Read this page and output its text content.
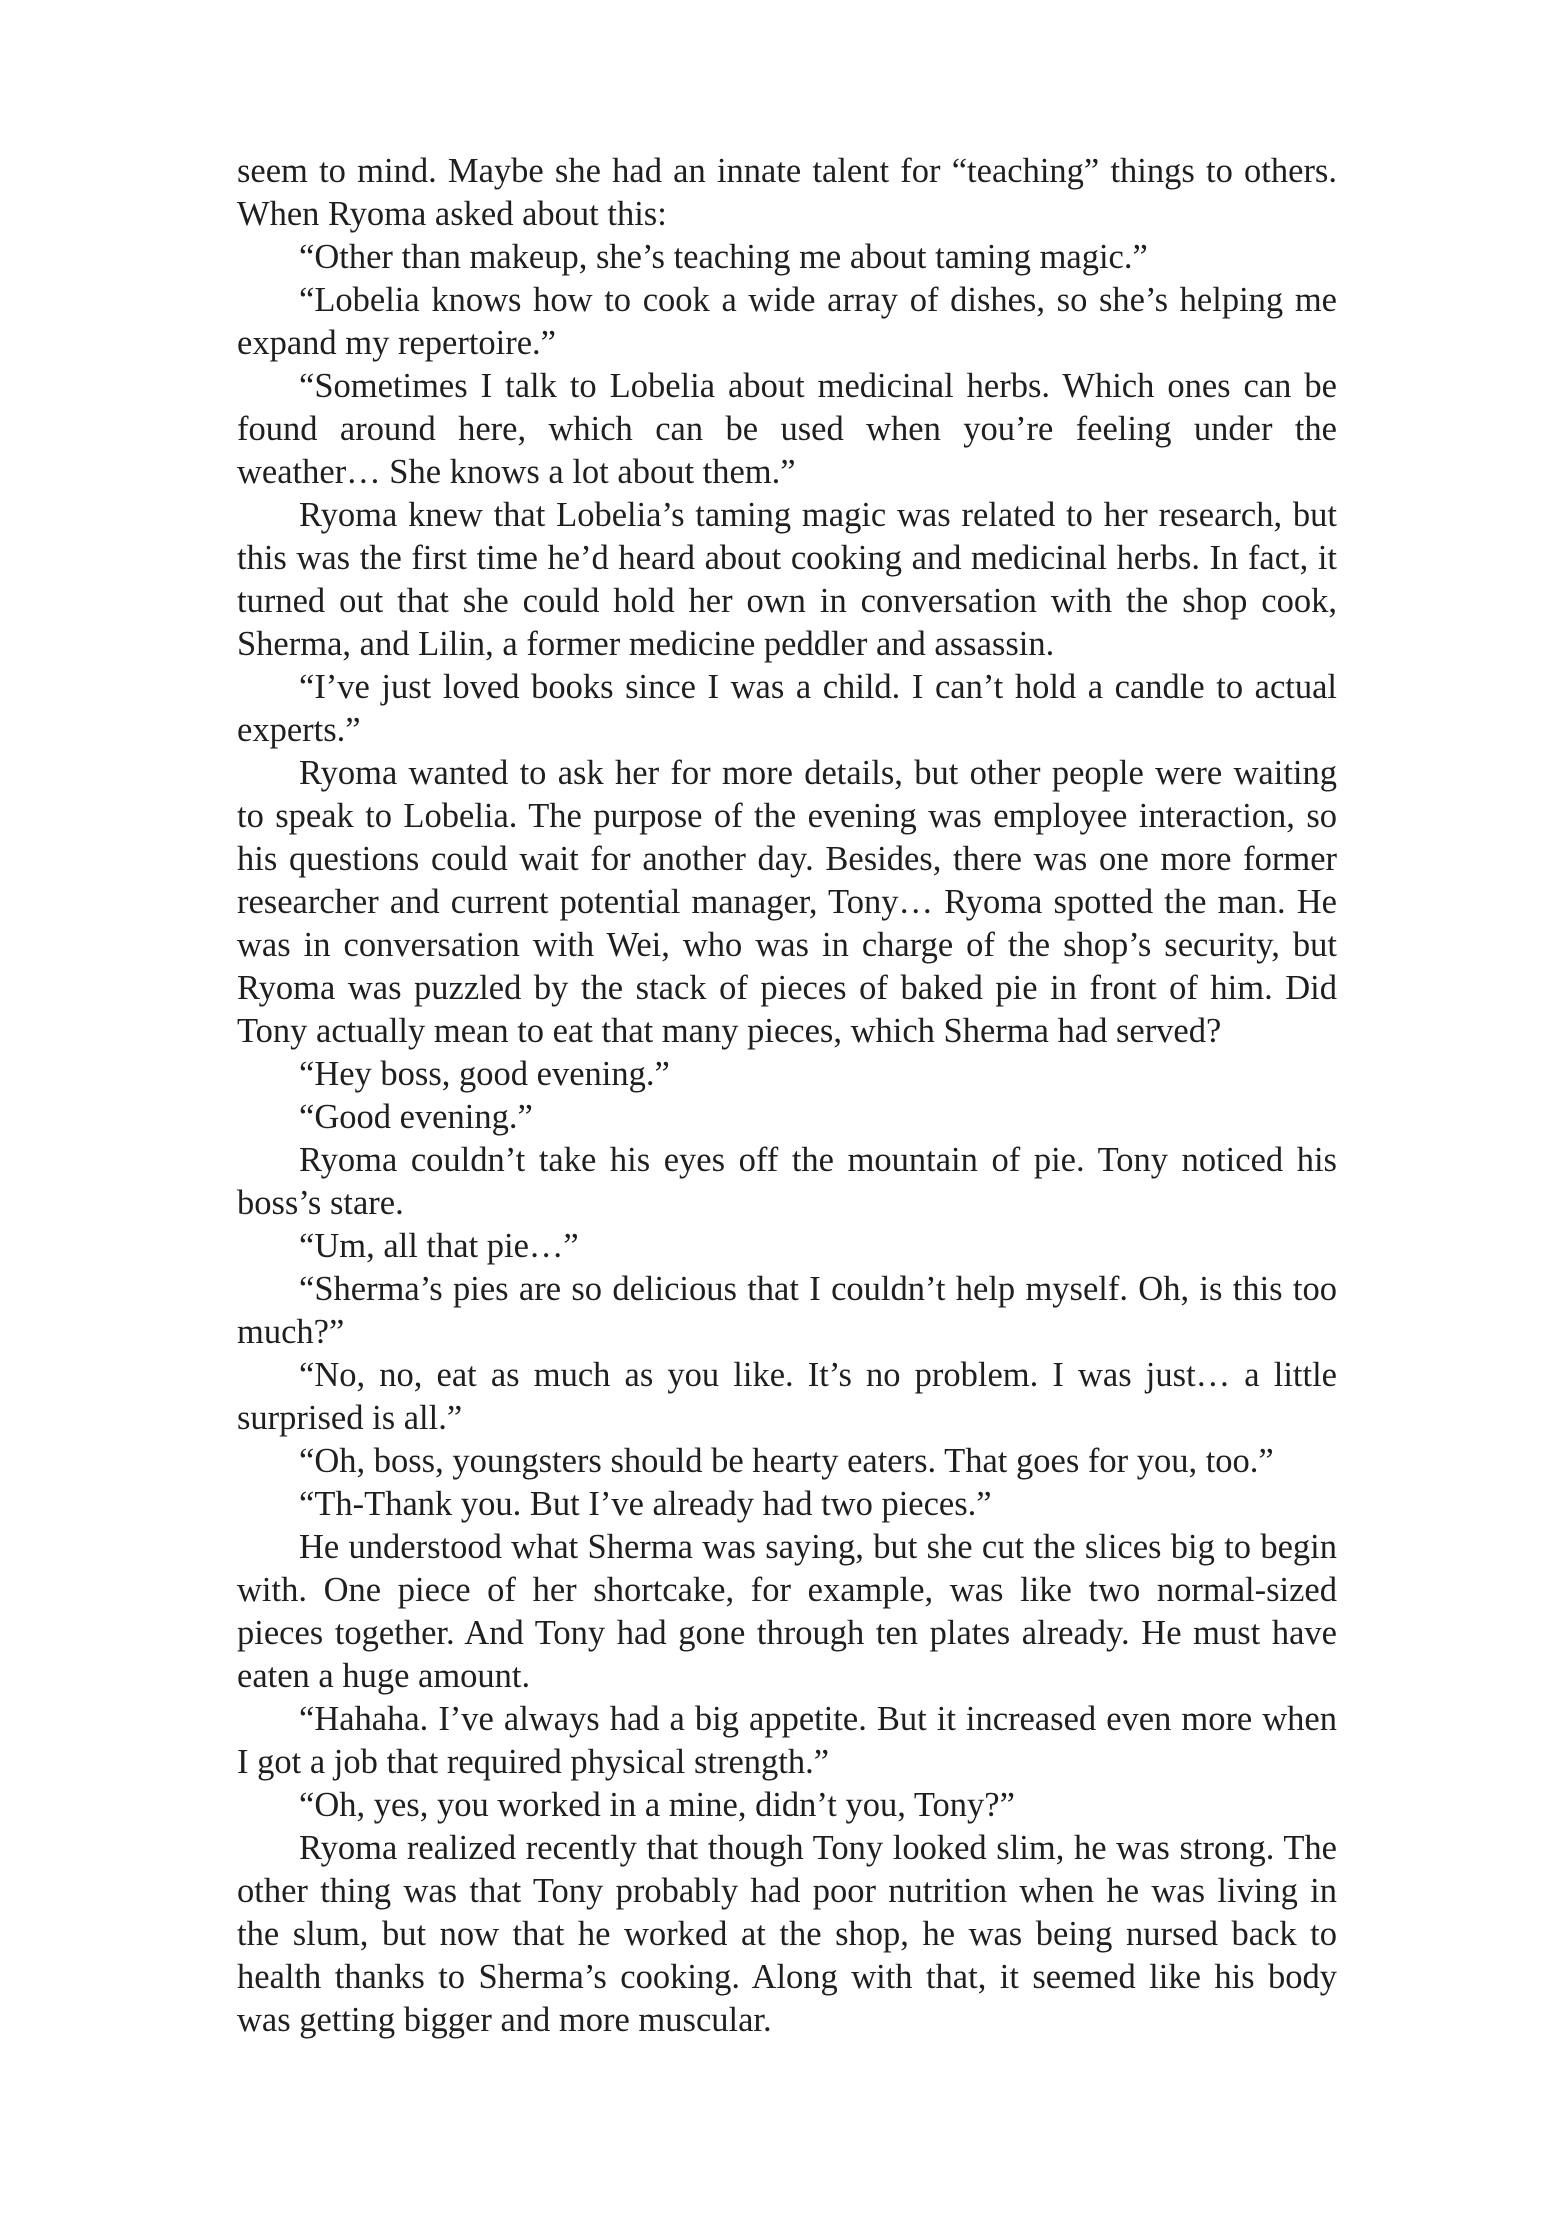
seem to mind. Maybe she had an innate talent for “teaching” things to others. When Ryoma asked about this:

“Other than makeup, she’s teaching me about taming magic.”

“Lobelia knows how to cook a wide array of dishes, so she’s helping me expand my repertoire.”

“Sometimes I talk to Lobelia about medicinal herbs. Which ones can be found around here, which can be used when you’re feeling under the weather… She knows a lot about them.”

Ryoma knew that Lobelia’s taming magic was related to her research, but this was the first time he’d heard about cooking and medicinal herbs. In fact, it turned out that she could hold her own in conversation with the shop cook, Sherma, and Lilin, a former medicine peddler and assassin.

“I’ve just loved books since I was a child. I can’t hold a candle to actual experts.”

Ryoma wanted to ask her for more details, but other people were waiting to speak to Lobelia. The purpose of the evening was employee interaction, so his questions could wait for another day. Besides, there was one more former researcher and current potential manager, Tony… Ryoma spotted the man. He was in conversation with Wei, who was in charge of the shop’s security, but Ryoma was puzzled by the stack of pieces of baked pie in front of him. Did Tony actually mean to eat that many pieces, which Sherma had served?

“Hey boss, good evening.”

“Good evening.”

Ryoma couldn’t take his eyes off the mountain of pie. Tony noticed his boss’s stare.

“Um, all that pie…”

“Sherma’s pies are so delicious that I couldn’t help myself. Oh, is this too much?”

“No, no, eat as much as you like. It’s no problem. I was just… a little surprised is all.”

“Oh, boss, youngsters should be hearty eaters. That goes for you, too.”

“Th-Thank you. But I’ve already had two pieces.”

He understood what Sherma was saying, but she cut the slices big to begin with. One piece of her shortcake, for example, was like two normal-sized pieces together. And Tony had gone through ten plates already. He must have eaten a huge amount.

“Hahaha. I’ve always had a big appetite. But it increased even more when I got a job that required physical strength.”

“Oh, yes, you worked in a mine, didn’t you, Tony?”

Ryoma realized recently that though Tony looked slim, he was strong. The other thing was that Tony probably had poor nutrition when he was living in the slum, but now that he worked at the shop, he was being nursed back to health thanks to Sherma’s cooking. Along with that, it seemed like his body was getting bigger and more muscular.
